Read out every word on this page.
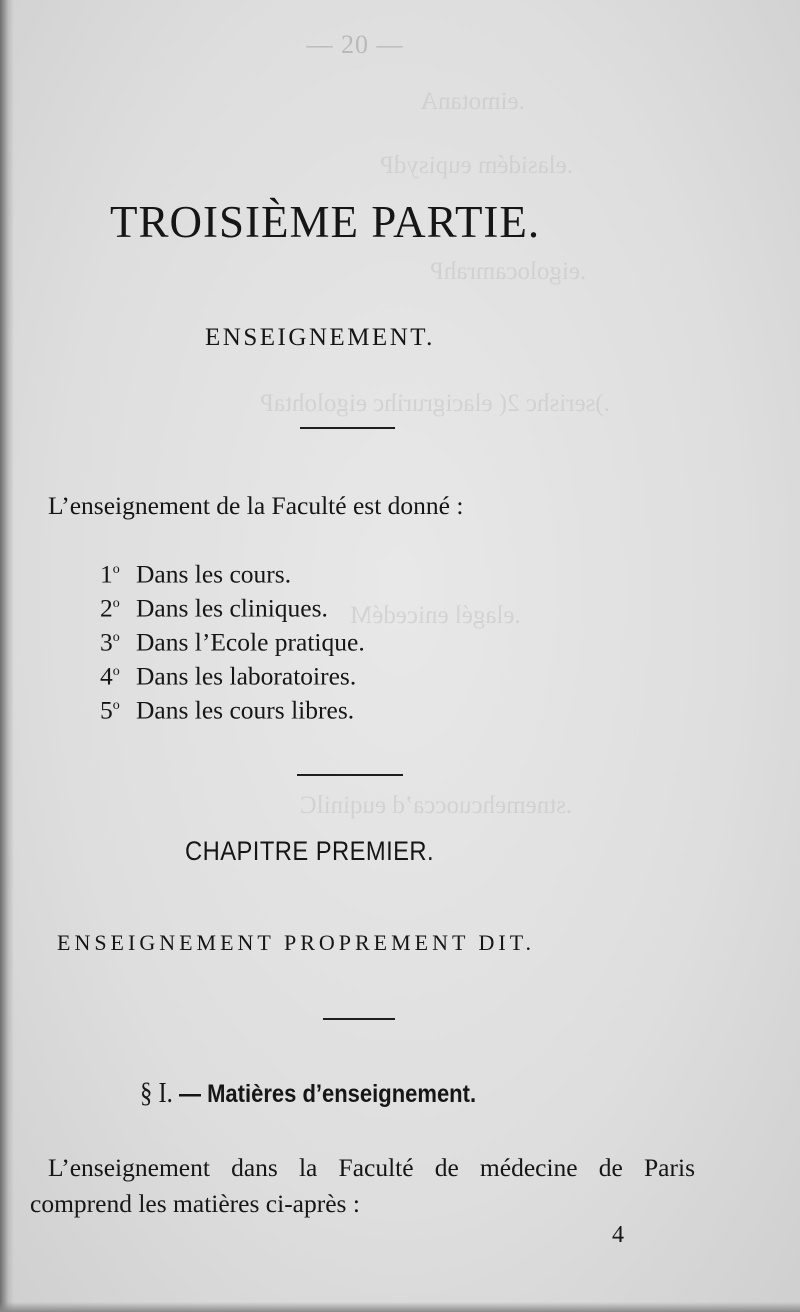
.eimotanA
.elasidém eupisydP
.eigolocamrahP
.)serishc 2( elacigrurihc eigolohtaP
.elagél enicedéM
.stnemehcuocca’d euqinilC
— 20 —
TROISIÈME PARTIE.
ENSEIGNEMENT.

L’enseignement de la Faculté est donné :

1$^o$ Dans les cours.
2$^o$ Dans les cliniques.
3$^o$ Dans l’Ecole pratique.
4$^o$ Dans les laboratoires.
5$^o$ Dans les cours libres.
CHAPITRE PREMIER.
ENSEIGNEMENT PROPREMENT DIT.
§ I. — Matières d’enseignement.

L’enseignement dans la Faculté de médecine de Paris comprend les matières ci-après :

4
